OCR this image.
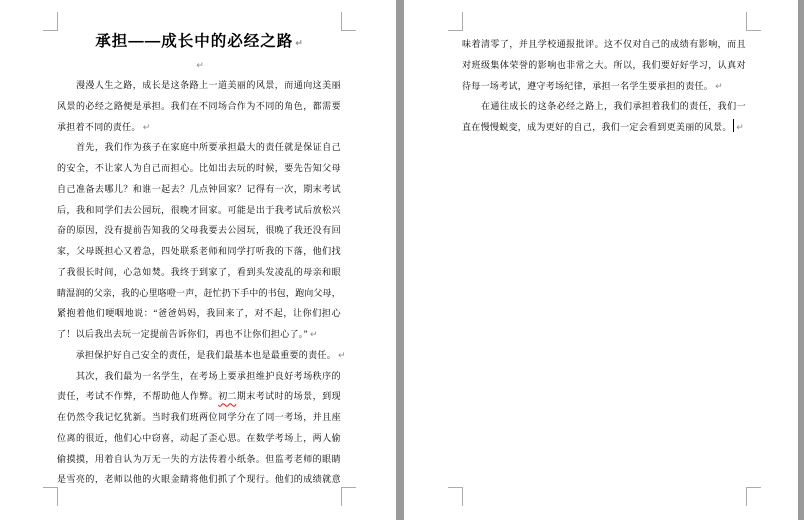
承担——成长中的必经之路 ↵
↵

漫 漫 人 生 之 路 ， 成 长 是 这 条 路 上 一 道 美 丽 的 风 景 ， 而 通 向 这 美 丽
风 景 的 必 经 之 路 便 是 承 担 。 我 们 在 不 同 场 合 作 为 不 同 的 角 色 ， 都 需 要
承担着不同的责任。 ↵

首 先 ， 我 们 作 为 孩 子 在 家 庭 中 所 要 承 担 最 大 的 责 任 就 是 保 证 自 己
的 安 全 ， 不 让 家 人 为 自 己 而 担 心 。 比 如 出 去 玩 的 时 候 ， 要 先 告 知 父 母
自 己 准 备 去 哪 儿 ？ 和 谁 一 起 去 ？ 几 点 钟 回 家 ？ 记 得 有 一 次 ， 期 末 考 试
后 ， 我 和 同 学 们 去 公 园 玩 ， 很 晚 才 回 家 。 可 能 是 出 于 我 考 试 后 放 松 兴
奋 的 原 因 ， 没 有 提 前 告 知 我 的 父 母 我 要 去 公 园 玩 ， 很 晚 了 我 还 没 有 回
家 ， 父 母 既 担 心 又 着 急 ， 四 处 联 系 老 师 和 同 学 打 听 我 的 下 落 ， 他 们 找
了 我 很 长 时 间 ， 心 急 如 焚 。 我 终 于 到 家 了 ， 看 到 头 发 凌 乱 的 母 亲 和 眼
睛 湿 润 的 父 亲 ， 我 的 心 里 咯 噔 一 声 ， 赶 忙 扔 下 手 中 的 书 包 ， 跑 向 父 母 ，
紧 抱 着 他 们 哽 咽 地 说 ： “ 爸 爸 妈 妈 ， 我 回 来 了 ， 对 不 起 ， 让 你 们 担 心
了！以后我出去玩一定提前告诉你们，再也不让你们担心了。” ↵
　　承担保护好自己安全的责任，是我们最基本也是最重要的责任。 ↵

其 次 ， 我 们 最 为 一 名 学 生 ， 在 考 场 上 要 承 担 维 护 良 好 考 场 秩 序 的
责 任 ， 考 试 不 作 弊 ， 不 帮 助 他 人 作 弊 。 初二 期 末 考 试 时 的 场 景 ， 到 现
在 仍 然 令 我 记 忆 犹 新 。 当 时 我 们 班 两 位 同 学 分 在 了 同 一 考 场 ， 并 且 座
位 离 的 很 近 ， 他 们 心 中 窃 喜 ， 动 起 了 歪 心 思 。 在 数 学 考 场 上 ， 两 人 偷
偷 摸 摸 ， 用 着 自 认 为 万 无 一 失 的 方 法 传 着 小 纸 条 。 但 监 考 老 师 的 眼 睛
是 雪 亮 的 ， 老 师 以 他 的 火 眼 金 睛 将 他 们 抓 了 个 现 行 。 他 们 的 成 绩 就 意
味 着 清 零 了 ， 并 且 学 校 通 报 批 评 。 这 不 仅 对 自 己 的 成 绩 有 影 响 ， 而 且
对 班 级 集 体 荣 誉 的 影 响 也 非 常 之 大 。 所 以 ， 我 们 要 好 好 学 习 ， 认 真 对
待每一场考试，遵守考场纪律，承担一名学生要承担的责任。 ↵

在 通 往 成 长 的 这 条 必 经 之 路 上 ， 我 们 承 担 着 我 们 的 责 任 ， 我 们 一
直在慢慢蜕变，成为更好的自己，我们一定会看到更美丽的风景。 ↵
